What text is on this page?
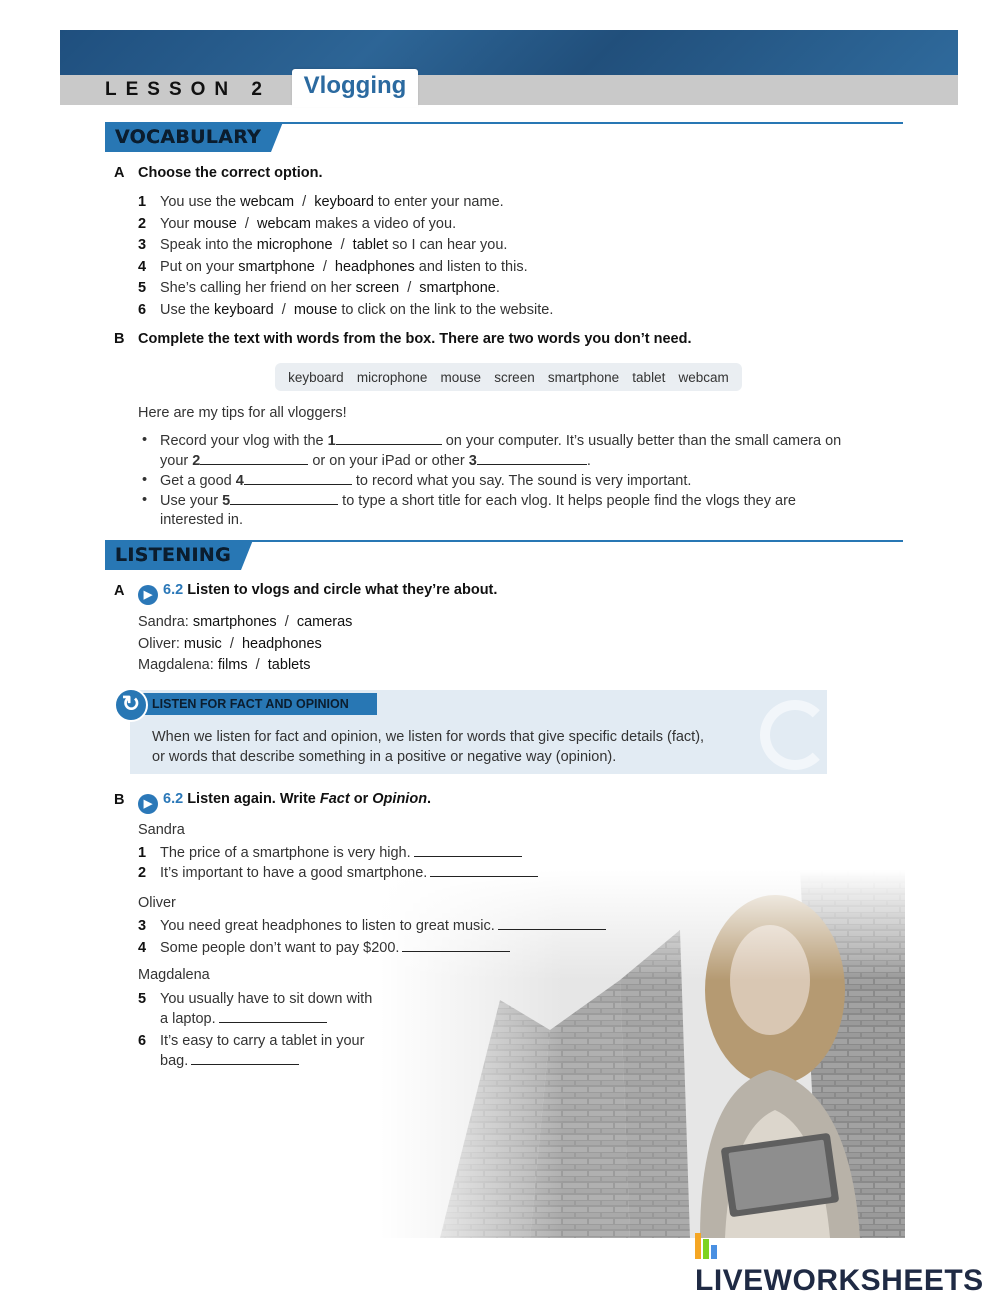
LESSON 2	Vlogging
VOCABULARY
A Choose the correct option.
1 You use the webcam  /  keyboard to enter your name.
2 Your mouse  /  webcam makes a video of you.
3 Speak into the microphone  /  tablet so I can hear you.
4 Put on your smartphone  /  headphones and listen to this.
5 She’s calling her friend on her screen  /  smartphone.
6 Use the keyboard  /  mouse to click on the link to the website.
B Complete the text with words from the box. There are two words you don’t need.
keyboard microphone mouse screen smartphone tablet webcam
Here are my tips for all vloggers!
• Record your vlog with the 1	on your computer. It’s usually better than the small camera on
your 2	or on your iPad or other 3	.
• Get a good 4	to record what you say. The sound is very important.
• Use your 5	to type a short title for each vlog. It helps people find the vlogs they are
interested in.
LISTENING
A	▶ 6.2 Listen to vlogs and circle what they’re about.
Sandra: smartphones  /  cameras
Oliver: music  /  headphones
Magdalena: films  /  tablets
LISTEN FOR FACT AND OPINION
↻
When we listen for fact and opinion, we listen for words that give specific details (fact),
or words that describe something in a positive or negative way (opinion).
B	▶ 6.2 Listen again. Write Fact or Opinion.
Sandra
1 The price of a smartphone is very high.
2 It’s important to have a good smartphone.
Oliver
3 You need great headphones to listen to great music.
4 Some people don’t want to pay $200.
Magdalena
5 You usually have to sit down with
a laptop.
6 It’s easy to carry a tablet in your
bag.
LIVEWORKSHEETS
